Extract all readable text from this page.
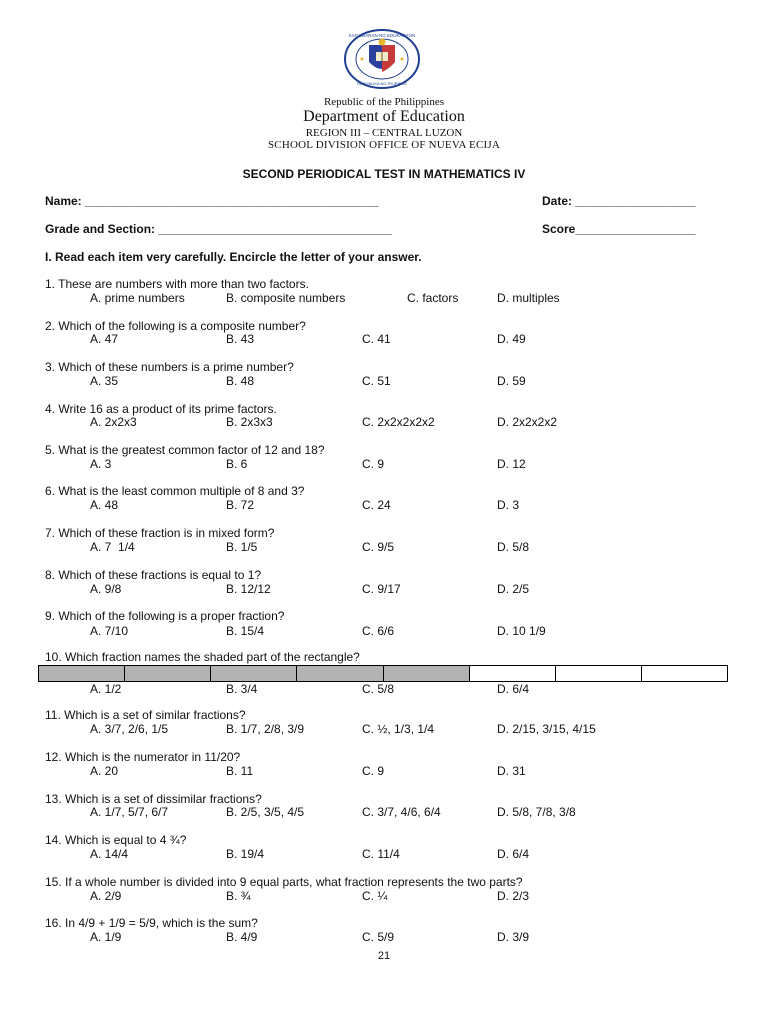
KAGAWARAN NG EDUKASYON
REPUBLIKA NG PILIPINAS
Republic of the Philippines
Department of Education
REGION III – CENTRAL LUZON
SCHOOL DIVISION OFFICE OF NUEVA ECIJA
SECOND PERIODICAL TEST IN MATHEMATICS IV
Name: ____________________________________________	Date: __________________
Grade and Section: ___________________________________	Score__________________
I. Read each item very carefully. Encircle the letter of your answer.
1. These are numbers with more than two factors.
A. prime numbers	B. composite numbers	C. factors	D. multiples
2. Which of the following is a composite number?
A. 47	B. 43	C. 41	D. 49
3. Which of these numbers is a prime number?
A. 35	B. 48	C. 51	D. 59
4. Write 16 as a product of its prime factors.
A. 2x2x3	B. 2x3x3	C. 2x2x2x2x2	D. 2x2x2x2
5. What is the greatest common factor of 12 and 18?
A. 3	B. 6	C. 9	D. 12
6. What is the least common multiple of 8 and 3?
A. 48	B. 72	C. 24	D. 3
7. Which of these fraction is in mixed form?
A. 7  1/4	B. 1/5	C. 9/5	D. 5/8
8. Which of these fractions is equal to 1?
A. 9/8	B. 12/12	C. 9/17	D. 2/5
9. Which of the following is a proper fraction?
A. 7/10	B. 15/4	C. 6/6	D. 10 1/9
10. Which fraction names the shaded part of the rectangle?
A. 1/2	B. 3/4	C. 5/8	D. 6/4
11. Which is a set of similar fractions?
A. 3/7, 2/6, 1/5	B. 1/7, 2/8, 3/9	C. ½, 1/3, 1/4	D. 2/15, 3/15, 4/15
12. Which is the numerator in 11/20?
A. 20	B. 11	C. 9	D. 31
13. Which is a set of dissimilar fractions?
A. 1/7, 5/7, 6/7	B. 2/5, 3/5, 4/5	C. 3/7, 4/6, 6/4	D. 5/8, 7/8, 3/8
14. Which is equal to 4 ¾?
A. 14/4	B. 19/4	C. 11/4	D. 6/4
15. If a whole number is divided into 9 equal parts, what fraction represents the two parts?
A. 2/9	B. ¾	C. ¼	D. 2/3
16. In 4/9 + 1/9 = 5/9, which is the sum?
A. 1/9	B. 4/9	C. 5/9	D. 3/9
21
